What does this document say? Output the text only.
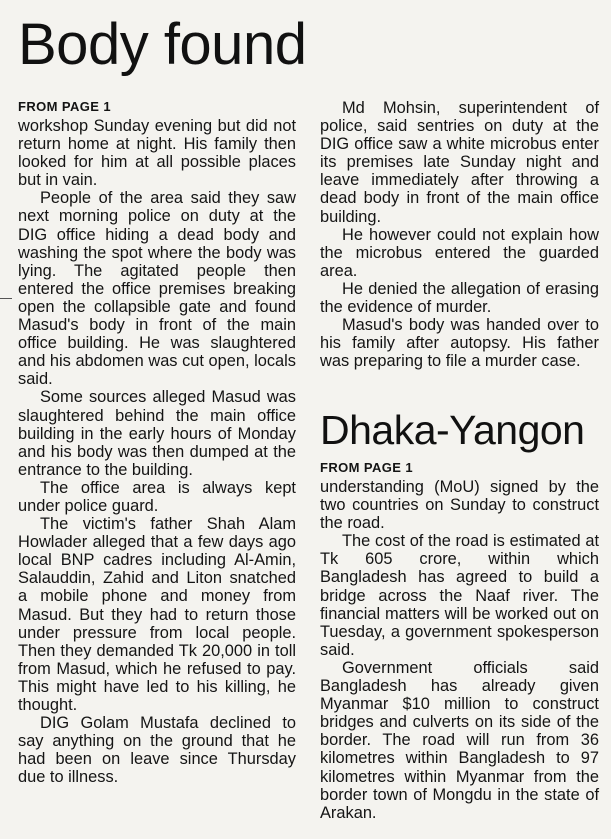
Body found
FROM PAGE 1

workshop Sunday evening but did not return home at night. His family then looked for him at all possible places but in vain.

People of the area said they saw next morning police on duty at the DIG office hiding a dead body and washing the spot where the body was lying. The agitated people then entered the office premises breaking open the collapsible gate and found Masud's body in front of the main office building. He was slaughtered and his abdomen was cut open, locals said.

Some sources alleged Masud was slaughtered behind the main office building in the early hours of Monday and his body was then dumped at the entrance to the building.

The office area is always kept under police guard.

The victim's father Shah Alam Howlader alleged that a few days ago local BNP cadres including Al-Amin, Salauddin, Zahid and Liton snatched a mobile phone and money from Masud. But they had to return those under pressure from local people. Then they demanded Tk 20,000 in toll from Masud, which he refused to pay. This might have led to his killing, he thought.

DIG Golam Mustafa declined to say anything on the ground that he had been on leave since Thursday due to illness.

Md Mohsin, superintendent of police, said sentries on duty at the DIG office saw a white microbus enter its premises late Sunday night and leave immediately after throwing a dead body in front of the main office building.

He however could not explain how the microbus entered the guarded area.

He denied the allegation of erasing the evidence of murder.

Masud's body was handed over to his family after autopsy. His father was preparing to file a murder case.

Dhaka-Yangon
FROM PAGE 1

understanding (MoU) signed by the two countries on Sunday to construct the road.

The cost of the road is estimated at Tk 605 crore, within which Bangladesh has agreed to build a bridge across the Naaf river. The financial matters will be worked out on Tuesday, a government spokesperson said.

Government officials said Bangladesh has already given Myanmar $10 million to construct bridges and culverts on its side of the border. The road will run from 36 kilometres within Bangladesh to 97 kilometres within Myanmar from the border town of Mongdu in the state of Arakan.
